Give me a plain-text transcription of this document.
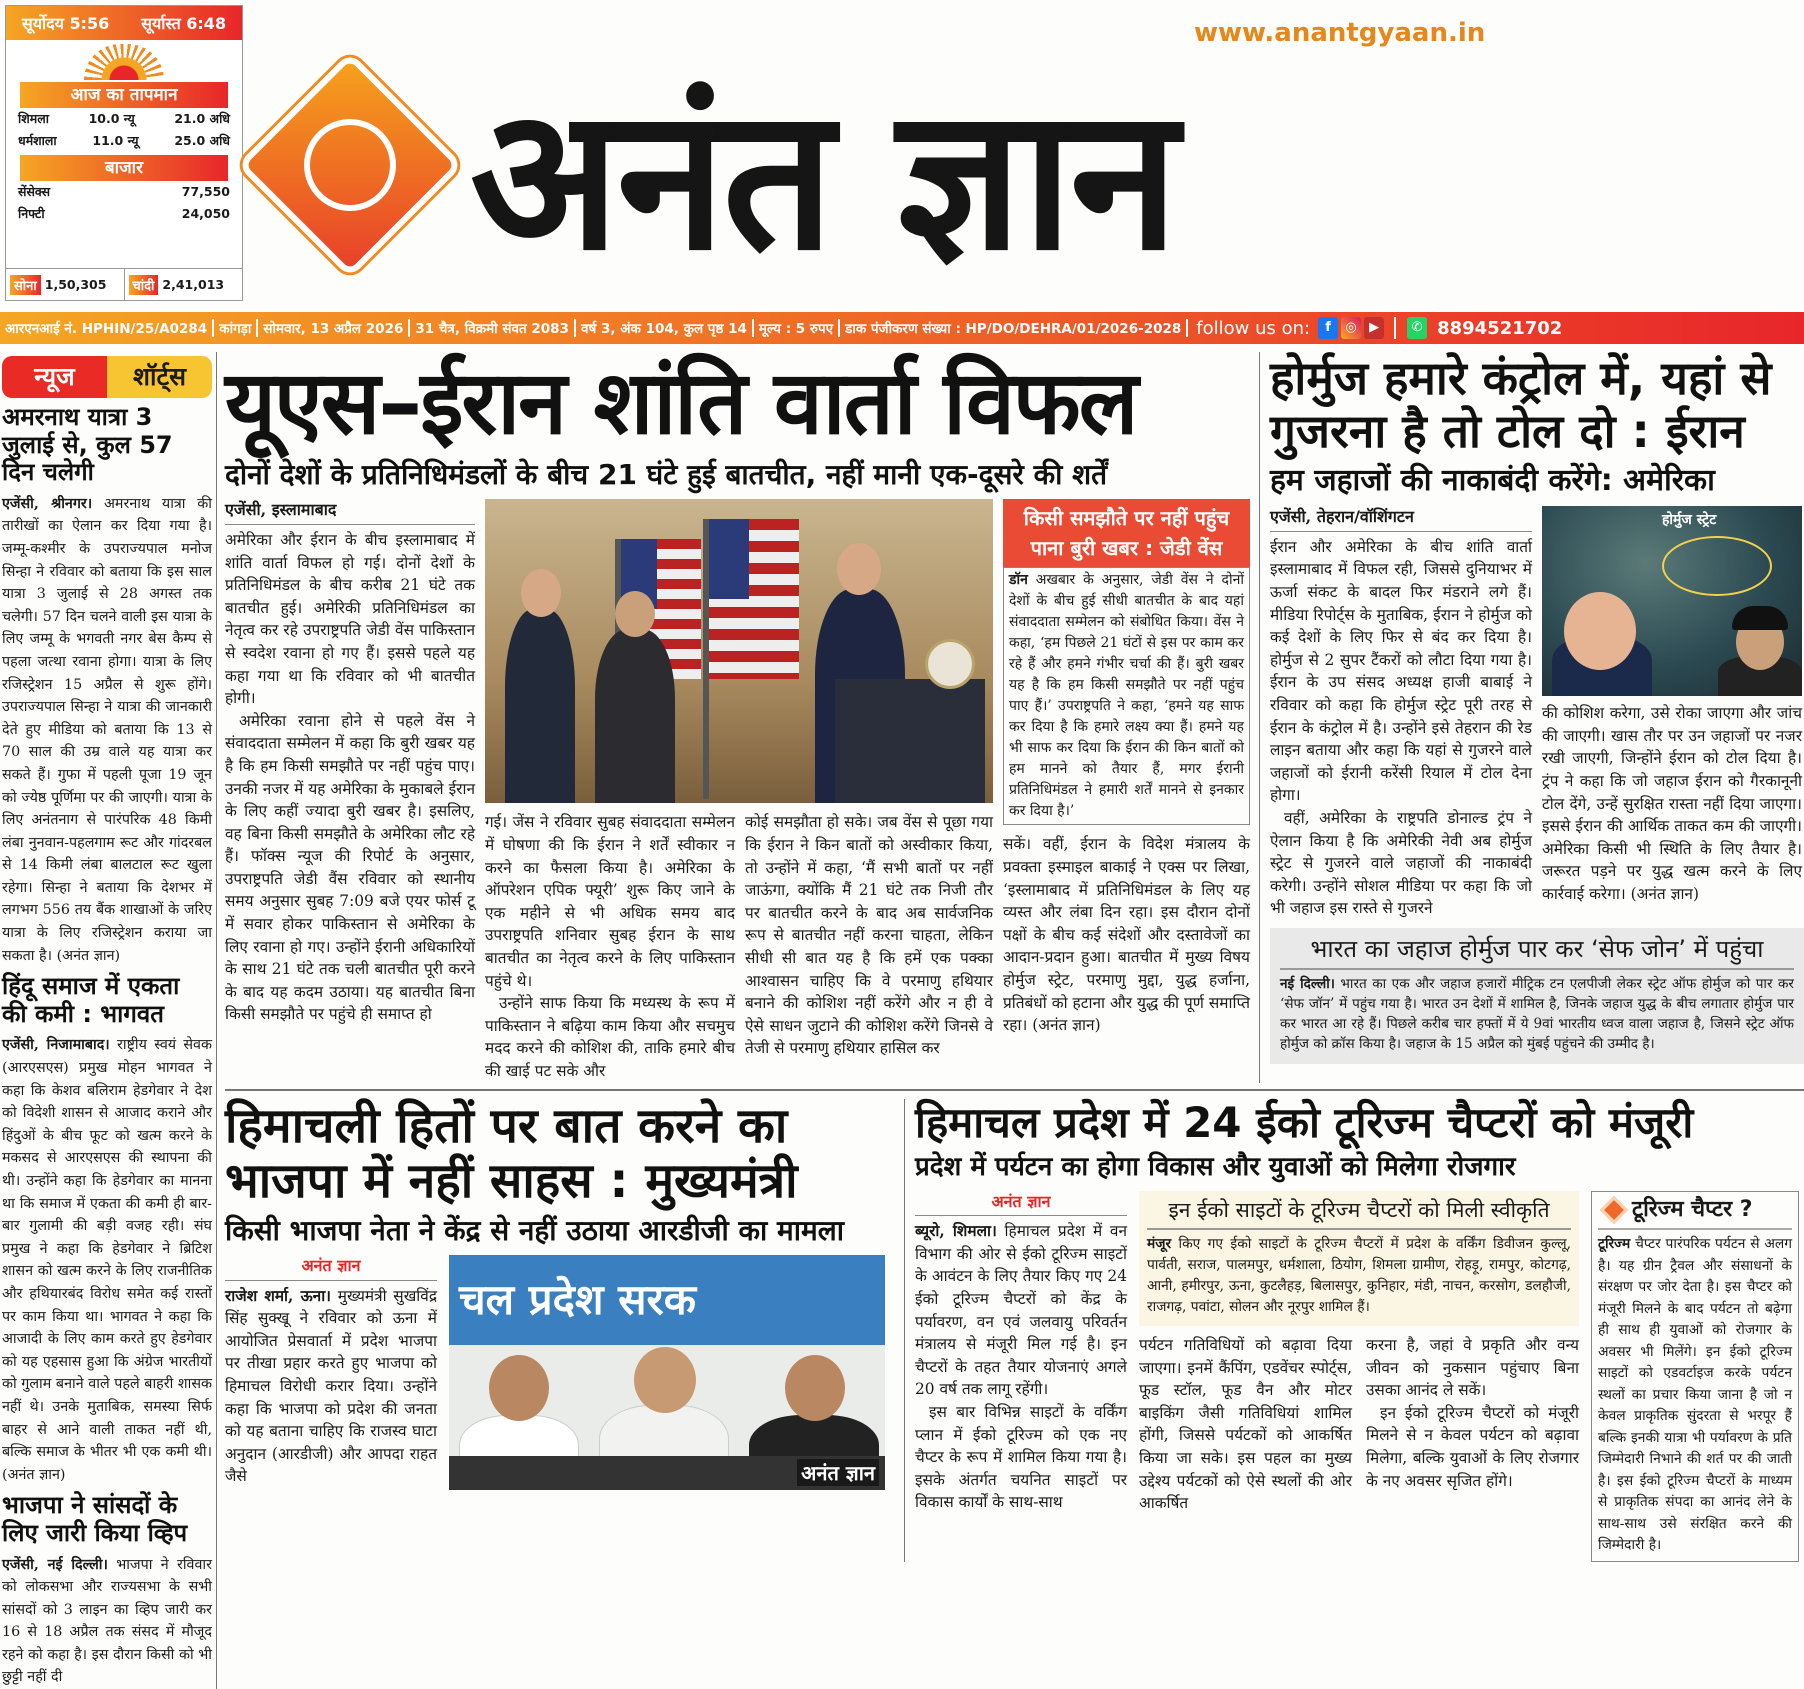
सूर्योदय 5:56 सूर्यास्त 6:48
आज का तापमान
शिमला	10.0 न्यू	21.0 अधि
धर्मशाला	11.0 न्यू	25.0 अधि
बाजार
सेंसेक्स	77,550
निफ्टी	24,050
सोना 1,50,305	चांदी 2,41,013
www.anantgyaan.in
अनंत ज्ञान
आरएनआई नं. HPHIN/25/A0284 कांगड़ा सोमवार, 13 अप्रैल 2026 31 चैत्र, विक्रमी संवत 2083 वर्ष 3, अंक 104, कुल पृष्ठ 14 मूल्य : 5 रुपए डाक पंजीकरण संख्या : HP/DO/DEHRA/01/2026-2028 follow us on:	f	◎ ▶	✆ 8894521702
न्यूज	शॉर्ट्स
अमरनाथ यात्रा 3 जुलाई से, कुल 57 दिन चलेगी

एजेंसी, श्रीनगर। अमरनाथ यात्रा की तारीखों का ऐलान कर दिया गया है। जम्मू-कश्मीर के उपराज्यपाल मनोज सिन्हा ने रविवार को बताया कि इस साल यात्रा 3 जुलाई से 28 अगस्त तक चलेगी। 57 दिन चलने वाली इस यात्रा के लिए जम्मू के भगवती नगर बेस कैम्प से पहला जत्था रवाना होगा। यात्रा के लिए रजिस्ट्रेशन 15 अप्रैल से शुरू होंगे। उपराज्यपाल सिन्हा ने यात्रा की जानकारी देते हुए मीडिया को बताया कि 13 से 70 साल की उम्र वाले यह यात्रा कर सकते हैं। गुफा में पहली पूजा 19 जून को ज्येष्ठ पूर्णिमा पर की जाएगी। यात्रा के लिए अनंतनाग से पारंपरिक 48 किमी लंबा नुनवान-पहलगाम रूट और गांदरबल से 14 किमी लंबा बालटाल रूट खुला रहेगा। सिन्हा ने बताया कि देशभर में लगभग 556 तय बैंक शाखाओं के जरिए यात्रा के लिए रजिस्ट्रेशन कराया जा सकता है। (अनंत ज्ञान)

हिंदू समाज में एकता की कमी : भागवत

एजेंसी, निजामाबाद। राष्ट्रीय स्वयं सेवक (आरएसएस) प्रमुख मोहन भागवत ने कहा कि केशव बलिराम हेडगेवार ने देश को विदेशी शासन से आजाद कराने और हिंदुओं के बीच फूट को खत्म करने के मकसद से आरएसएस की स्थापना की थी। उन्होंने कहा कि हेडगेवार का मानना था कि समाज में एकता की कमी ही बार-बार गुलामी की बड़ी वजह रही। संघ प्रमुख ने कहा कि हेडगेवार ने ब्रिटिश शासन को खत्म करने के लिए राजनीतिक और हथियारबंद विरोध समेत कई रास्तों पर काम किया था। भागवत ने कहा कि आजादी के लिए काम करते हुए हेडगेवार को यह एहसास हुआ कि अंग्रेज भारतीयों को गुलाम बनाने वाले पहले बाहरी शासक नहीं थे। उनके मुताबिक, समस्या सिर्फ बाहर से आने वाली ताकत नहीं थी, बल्कि समाज के भीतर भी एक कमी थी। (अनंत ज्ञान)

भाजपा ने सांसदों के लिए जारी किया व्हिप

एजेंसी, नई दिल्ली। भाजपा ने रविवार को लोकसभा और राज्यसभा के सभी सांसदों को 3 लाइन का व्हिप जारी कर 16 से 18 अप्रैल तक संसद में मौजूद रहने को कहा है। इस दौरान किसी को भी छुट्टी नहीं दी

यूएस–ईरान शांति वार्ता विफल
दोनों देशों के प्रतिनिधिमंडलों के बीच 21 घंटे हुई बातचीत, नहीं मानी एक-दूसरे की शर्तें
एजेंसी, इस्लामाबाद

अमेरिका और ईरान के बीच इस्लामाबाद में शांति वार्ता विफल हो गई। दोनों देशों के प्रतिनिधिमंडल के बीच करीब 21 घंटे तक बातचीत हुई। अमेरिकी प्रतिनिधिमंडल का नेतृत्व कर रहे उपराष्ट्रपति जेडी वेंस पाकिस्तान से स्वदेश रवाना हो गए हैं। इससे पहले यह कहा गया था कि रविवार को भी बातचीत होगी।

अमेरिका रवाना होने से पहले वेंस ने संवाददाता सम्मेलन में कहा कि बुरी खबर यह है कि हम किसी समझौते पर नहीं पहुंच पाए। उनकी नजर में यह अमेरिका के मुकाबले ईरान के लिए कहीं ज्यादा बुरी खबर है। इसलिए, वह बिना किसी समझौते के अमेरिका लौट रहे हैं। फॉक्स न्यूज की रिपोर्ट के अनुसार, उपराष्ट्रपति जेडी वैंस रविवार को स्थानीय समय अनुसार सुबह 7:09 बजे एयर फोर्स टू में सवार होकर पाकिस्तान से अमेरिका के लिए रवाना हो गए। उन्होंने ईरानी अधिकारियों के साथ 21 घंटे तक चली बातचीत पूरी करने के बाद यह कदम उठाया। यह बातचीत बिना किसी समझौते पर पहुंचे ही समाप्त हो

गई। जेंस ने रविवार सुबह संवाददाता सम्मेलन में घोषणा की कि ईरान ने शर्तें स्वीकार न करने का फैसला किया है। अमेरिका के ऑपरेशन एपिक फ्यूरी’ शुरू किए जाने के एक महीने से भी अधिक समय बाद उपराष्ट्रपति शनिवार सुबह ईरान के साथ बातचीत का नेतृत्व करने के लिए पाकिस्तान पहुंचे थे।

उन्होंने साफ किया कि मध्यस्थ के रूप में पाकिस्तान ने बढ़िया काम किया और सचमुच मदद करने की कोशिश की, ताकि हमारे बीच की खाई पट सके और

कोई समझौता हो सके। जब वेंस से पूछा गया कि ईरान ने किन बातों को अस्वीकार किया, तो उन्होंने में कहा, ‘मैं सभी बातों पर नहीं जाऊंगा, क्योंकि मैं 21 घंटे तक निजी तौर पर बातचीत करने के बाद अब सार्वजनिक रूप से बातचीत नहीं करना चाहता, लेकिन सीधी सी बात यह है कि हमें एक पक्का आश्वासन चाहिए कि वे परमाणु हथियार बनाने की कोशिश नहीं करेंगे और न ही वे ऐसे साधन जुटाने की कोशिश करेंगे जिनसे वे तेजी से परमाणु हथियार हासिल कर

किसी समझौते पर नहीं पहुंच पाना बुरी खबर : जेडी वेंस

डॉन अखबार के अनुसार, जेडी वेंस ने दोनों देशों के बीच हुई सीधी बातचीत के बाद यहां संवाददाता सम्मेलन को संबोधित किया। वेंस ने कहा, ‘हम पिछले 21 घंटों से इस पर काम कर रहे हैं और हमने गंभीर चर्चा की हैं। बुरी खबर यह है कि हम किसी समझौते पर नहीं पहुंच पाए हैं।’ उपराष्ट्रपति ने कहा, ‘हमने यह साफ कर दिया है कि हमारे लक्ष्य क्या हैं। हमने यह भी साफ कर दिया कि ईरान की किन बातों को हम मानने को तैयार हैं, मगर ईरानी प्रतिनिधिमंडल ने हमारी शर्तें मानने से इनकार कर दिया है।’

सकें। वहीं, ईरान के विदेश मंत्रालय के प्रवक्ता इस्माइल बाकाई ने एक्स पर लिखा, ‘इस्लामाबाद में प्रतिनिधिमंडल के लिए यह व्यस्त और लंबा दिन रहा। इस दौरान दोनों पक्षों के बीच कई संदेशों और दस्तावेजों का आदान-प्रदान हुआ। बातचीत में मुख्य विषय होर्मुज स्ट्रेट, परमाणु मुद्दा, युद्ध हर्जाना, प्रतिबंधों को हटाना और युद्ध की पूर्ण समाप्ति रहा। (अनंत ज्ञान)

होर्मुज हमारे कंट्रोल में, यहां से
गुजरना है तो टोल दो : ईरान
हम जहाजों की नाकाबंदी करेंगे: अमेरिका
एजेंसी, तेहरान/वॉशिंगटन

ईरान और अमेरिका के बीच शांति वार्ता इस्लामाबाद में विफल रही, जिससे दुनियाभर में ऊर्जा संकट के बादल फिर मंडराने लगे हैं। मीडिया रिपोर्ट्स के मुताबिक, ईरान ने होर्मुज को कई देशों के लिए फिर से बंद कर दिया है। होर्मुज से 2 सुपर टैंकरों को लौटा दिया गया है। ईरान के उप संसद अध्यक्ष हाजी बाबाई ने रविवार को कहा कि होर्मुज स्ट्रेट पूरी तरह से ईरान के कंट्रोल में है। उन्होंने इसे तेहरान की रेड लाइन बताया और कहा कि यहां से गुजरने वाले जहाजों को ईरानी करेंसी रियाल में टोल देना होगा।

वहीं, अमेरिका के राष्ट्रपति डोनाल्ड ट्रंप ने ऐलान किया है कि अमेरिकी नेवी अब होर्मुज स्ट्रेट से गुजरने वाले जहाजों की नाकाबंदी करेगी। उन्होंने सोशल मीडिया पर कहा कि जो भी जहाज इस रास्ते से गुजरने

होर्मुज स्ट्रेट

की कोशिश करेगा, उसे रोका जाएगा और जांच की जाएगी। खास तौर पर उन जहाजों पर नजर रखी जाएगी, जिन्होंने ईरान को टोल दिया है। ट्रंप ने कहा कि जो जहाज ईरान को गैरकानूनी टोल देंगे, उन्हें सुरक्षित रास्ता नहीं दिया जाएगा। इससे ईरान की आर्थिक ताकत कम की जाएगी। अमेरिका किसी भी स्थिति के लिए तैयार है। जरूरत पड़ने पर युद्ध खत्म करने के लिए कार्रवाई करेगा। (अनंत ज्ञान)

भारत का जहाज होर्मुज पार कर ‘सेफ जोन’ में पहुंचा
नई दिल्ली। भारत का एक और जहाज हजारों मीट्रिक टन एलपीजी लेकर स्ट्रेट ऑफ होर्मुज को पार कर ‘सेफ जॉन’ में पहुंच गया है। भारत उन देशों में शामिल है, जिनके जहाज युद्ध के बीच लगातार होर्मुज पार कर भारत आ रहे हैं। पिछले करीब चार हफ्तों में ये 9वां भारतीय ध्वज वाला जहाज है, जिसने स्ट्रेट ऑफ होर्मुज को क्रॉस किया है। जहाज के 15 अप्रैल को मुंबई पहुंचने की उम्मीद है।
हिमाचली हितों पर बात करने का
भाजपा में नहीं साहस : मुख्यमंत्री
किसी भाजपा नेता ने केंद्र से नहीं उठाया आरडीजी का मामला
अनंत ज्ञान

राजेश शर्मा, ऊना। मुख्यमंत्री सुखविंद्र सिंह सुक्खू ने रविवार को ऊना में आयोजित प्रेसवार्ता में प्रदेश भाजपा पर तीखा प्रहार करते हुए भाजपा को हिमाचल विरोधी करार दिया। उन्होंने कहा कि भाजपा को प्रदेश की जनता को यह बताना चाहिए कि राजस्व घाटा अनुदान (आरडीजी) और आपदा राहत जैसे

चल प्रदेश सरक
अनंत ज्ञान
हिमाचल प्रदेश में 24 ईको टूरिज्म चैप्टरों को मंजूरी
प्रदेश में पर्यटन का होगा विकास और युवाओं को मिलेगा रोजगार
अनंत ज्ञान

ब्यूरो, शिमला। हिमाचल प्रदेश में वन विभाग की ओर से ईको टूरिज्म साइटों के आवंटन के लिए तैयार किए गए 24 ईको टूरिज्म चैप्टरों को केंद्र के पर्यावरण, वन एवं जलवायु परिवर्तन मंत्रालय से मंजूरी मिल गई है। इन चैप्टरों के तहत तैयार योजनाएं अगले 20 वर्ष तक लागू रहेंगी।

इस बार विभिन्न साइटों के वर्किंग प्लान में ईको टूरिज्म को एक नए चैप्टर के रूप में शामिल किया गया है। इसके अंतर्गत चयनित साइटों पर विकास कार्यों के साथ-साथ

इन ईको साइटों के टूरिज्म चैप्टरों को मिली स्वीकृति
मंजूर किए गए ईको साइटों के टूरिज्म चैप्टरों में प्रदेश के वर्किंग डिवीजन कुल्लू, पार्वती, सराज, पालमपुर, धर्मशाला, ठियोग, शिमला ग्रामीण, रोहड़ू, रामपुर, कोटगढ़, आनी, हमीरपुर, ऊना, कुटलैहड़, बिलासपुर, कुनिहार, मंडी, नाचन, करसोग, डलहौजी, राजगढ़, पवांटा, सोलन और नूरपुर शामिल हैं।

पर्यटन गतिविधियों को बढ़ावा दिया जाएगा। इनमें कैंपिंग, एडवेंचर स्पोर्ट्स, फूड स्टॉल, फूड वैन और मोटर बाइकिंग जैसी गतिविधियां शामिल होंगी, जिससे पर्यटकों को आकर्षित किया जा सके। इस पहल का मुख्य उद्देश्य पर्यटकों को ऐसे स्थलों की ओर आकर्षित

करना है, जहां वे प्रकृति और वन्य जीवन को नुकसान पहुंचाए बिना उसका आनंद ले सकें।

इन ईको टूरिज्म चैप्टरों को मंजूरी मिलने से न केवल पर्यटन को बढ़ावा मिलेगा, बल्कि युवाओं के लिए रोजगार के नए अवसर सृजित होंगे।

टूरिज्म चैप्टर ?
टूरिज्म चैप्टर पारंपरिक पर्यटन से अलग है। यह ग्रीन ट्रैवल और संसाधनों के संरक्षण पर जोर देता है। इस चैप्टर को मंजूरी मिलने के बाद पर्यटन तो बढ़ेगा ही साथ ही युवाओं को रोजगार के अवसर भी मिलेंगे। इन ईको टूरिज्म साइटों को एडवर्टाइज करके पर्यटन स्थलों का प्रचार किया जाना है जो न केवल प्राकृतिक सुंदरता से भरपूर हैं बल्कि इनकी यात्रा भी पर्यावरण के प्रति जिम्मेदारी निभाने की शर्त पर की जाती है। इस ईको टूरिज्म चैप्टरों के माध्यम से प्राकृतिक संपदा का आनंद लेने के साथ-साथ उसे संरक्षित करने की जिम्मेदारी है।
